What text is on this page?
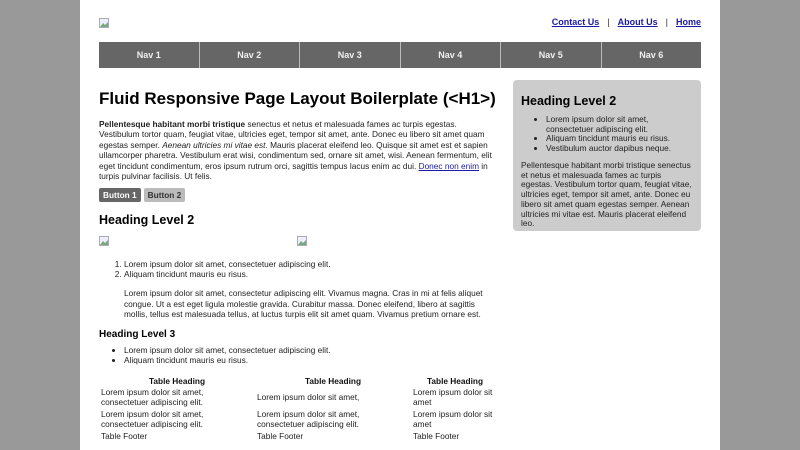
Contact Us | About Us | Home
Nav 1	Nav 2	Nav 3	Nav 4	Nav 5	Nav 6
Fluid Responsive Page Layout Boilerplate (<H1>)

Pellentesque habitant morbi tristique senectus et netus et malesuada fames ac turpis egestas. Vestibulum tortor quam, feugiat vitae, ultricies eget, tempor sit amet, ante. Donec eu libero sit amet quam egestas semper. Aenean ultricies mi vitae est. Mauris placerat eleifend leo. Quisque sit amet est et sapien ullamcorper pharetra. Vestibulum erat wisi, condimentum sed, ornare sit amet, wisi. Aenean fermentum, elit eget tincidunt condimentum, eros ipsum rutrum orci, sagittis tempus lacus enim ac dui. Donec non enim in turpis pulvinar facilisis. Ut felis.

Button 1	Button 2
Heading Level 2
1. Lorem ipsum dolor sit amet, consectetuer adipiscing elit.
2. Aliquam tincidunt mauris eu risus.
Lorem ipsum dolor sit amet, consectetur adipiscing elit. Vivamus magna. Cras in mi at felis aliquet congue. Ut a est eget ligula molestie gravida. Curabitur massa. Donec eleifend, libero at sagittis mollis, tellus est malesuada tellus, at luctus turpis elit sit amet quam. Vivamus pretium ornare est.
Heading Level 3
• Lorem ipsum dolor sit amet, consectetuer adipiscing elit.
• Aliquam tincidunt mauris eu risus.
Table Heading	Table Heading	Table Heading
Lorem ipsum dolor sit amet, consectetuer adipiscing elit.	Lorem ipsum dolor sit amet,	Lorem ipsum dolor sit amet
Lorem ipsum dolor sit amet, consectetuer adipiscing elit.	Lorem ipsum dolor sit amet, consectetuer adipiscing elit.	Lorem ipsum dolor sit amet
Table Footer	Table Footer	Table Footer
Heading Level 2
• Lorem ipsum dolor sit amet, consectetuer adipiscing elit.
• Aliquam tincidunt mauris eu risus.
• Vestibulum auctor dapibus neque.

Pellentesque habitant morbi tristique senectus et netus et malesuada fames ac turpis egestas. Vestibulum tortor quam, feugiat vitae, ultricies eget, tempor sit amet, ante. Donec eu libero sit amet quam egestas semper. Aenean ultricies mi vitae est. Mauris placerat eleifend leo.
